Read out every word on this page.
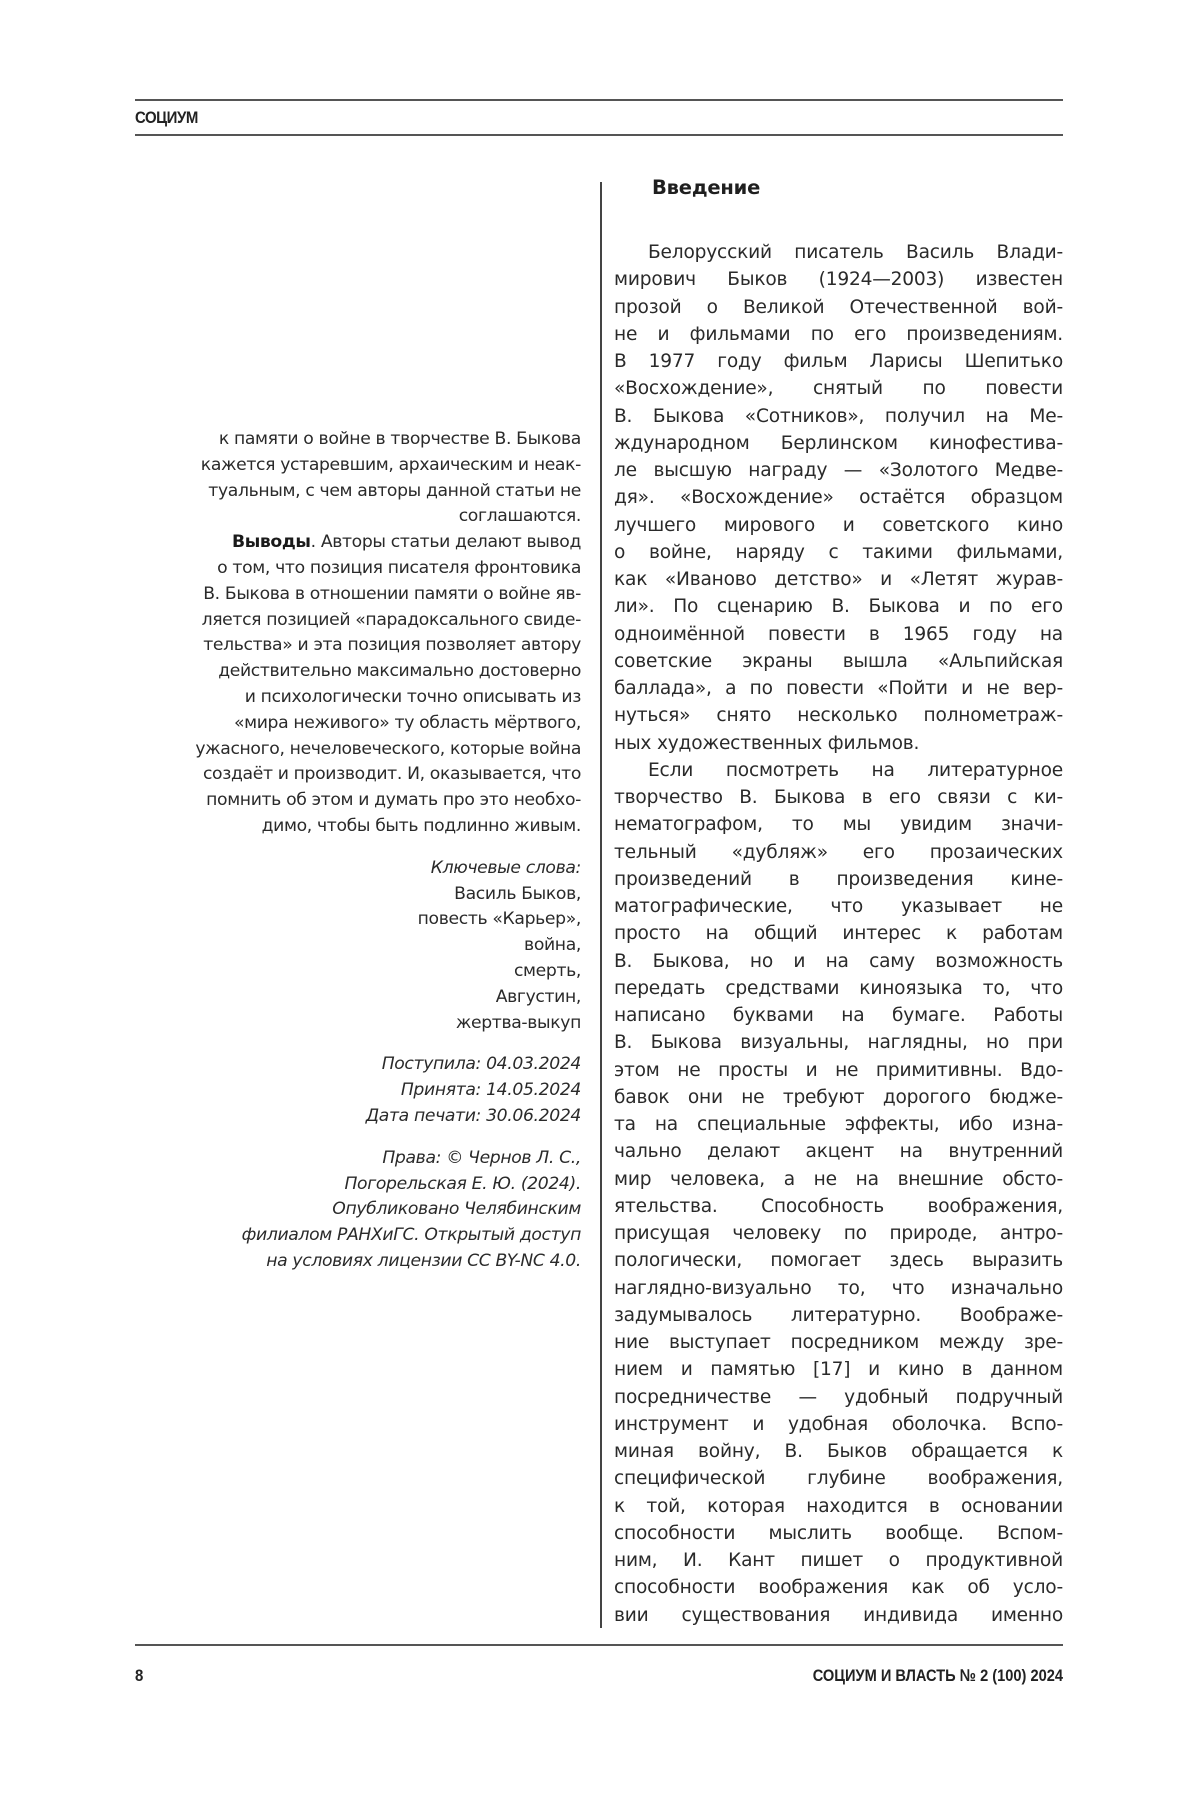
СОЦИУМ
к памяти о войне в творчестве В. Быкова
кажется устаревшим, архаическим и неак-
туальным, с чем авторы данной статьи не
соглашаются.

Выводы. Авторы статьи делают вывод
о том, что позиция писателя фронтовика
В. Быкова в отношении памяти о войне яв-
ляется позицией «парадоксального свиде-
тельства» и эта позиция позволяет автору
действительно максимально достоверно
и психологически точно описывать из
«мира неживого» ту область мёртвого,
ужасного, нечеловеческого, которые война
создаёт и производит. И, оказывается, что
помнить об этом и думать про это необхо-
димо, чтобы быть подлинно живым.

Ключевые слова:
Василь Быков,
повесть «Карьер»,
война,
смерть,
Августин,
жертва-выкуп

Поступила: 04.03.2024
Принята: 14.05.2024
Дата печати: 30.06.2024

Права: © Чернов Л. С.,
Погорельская Е. Ю. (2024).
Опубликовано Челябинским
филиалом РАНХиГС. Открытый доступ
на условиях лицензии CC BY-NC 4.0.

Введение
Белорусский писатель Василь Влади-
мирович Быков (1924—2003) известен
прозой о Великой Отечественной вой-
не и фильмами по его произведениям.
В 1977 году фильм Ларисы Шепитько
«Восхождение», снятый по повести
В. Быкова «Сотников», получил на Ме-
ждународном Берлинском кинофестива-
ле высшую награду — «Золотого Медве-
дя». «Восхождение» остаётся образцом
лучшего мирового и советского кино
о войне, наряду с такими фильмами,
как «Иваново детство» и «Летят журав-
ли». По сценарию В. Быкова и по его
одноимённой повести в 1965 году на
советские экраны вышла «Альпийская
баллада», а по повести «Пойти и не вер-
нуться» снято несколько полнометраж-
ных художественных фильмов.
Если посмотреть на литературное
творчество В. Быкова в его связи с ки-
нематографом, то мы увидим значи-
тельный «дубляж» его прозаических
произведений в произведения кине-
матографические, что указывает не
просто на общий интерес к работам
В. Быкова, но и на саму возможность
передать средствами киноязыка то, что
написано буквами на бумаге. Работы
В. Быкова визуальны, наглядны, но при
этом не просты и не примитивны. Вдо-
бавок они не требуют дорогого бюдже-
та на специальные эффекты, ибо изна-
чально делают акцент на внутренний
мир человека, а не на внешние обсто-
ятельства. Способность воображения,
присущая человеку по природе, антро-
пологически, помогает здесь выразить
наглядно-визуально то, что изначально
задумывалось литературно. Воображе-
ние выступает посредником между зре-
нием и памятью [17] и кино в данном
посредничестве — удобный подручный
инструмент и удобная оболочка. Вспо-
миная войну, В. Быков обращается к
специфической глубине воображения,
к той, которая находится в основании
способности мыслить вообще. Вспом-
ним, И. Кант пишет о продуктивной
способности воображения как об усло-
вии существования индивида именно
8	СОЦИУМ И ВЛАСТЬ № 2 (100) 2024
